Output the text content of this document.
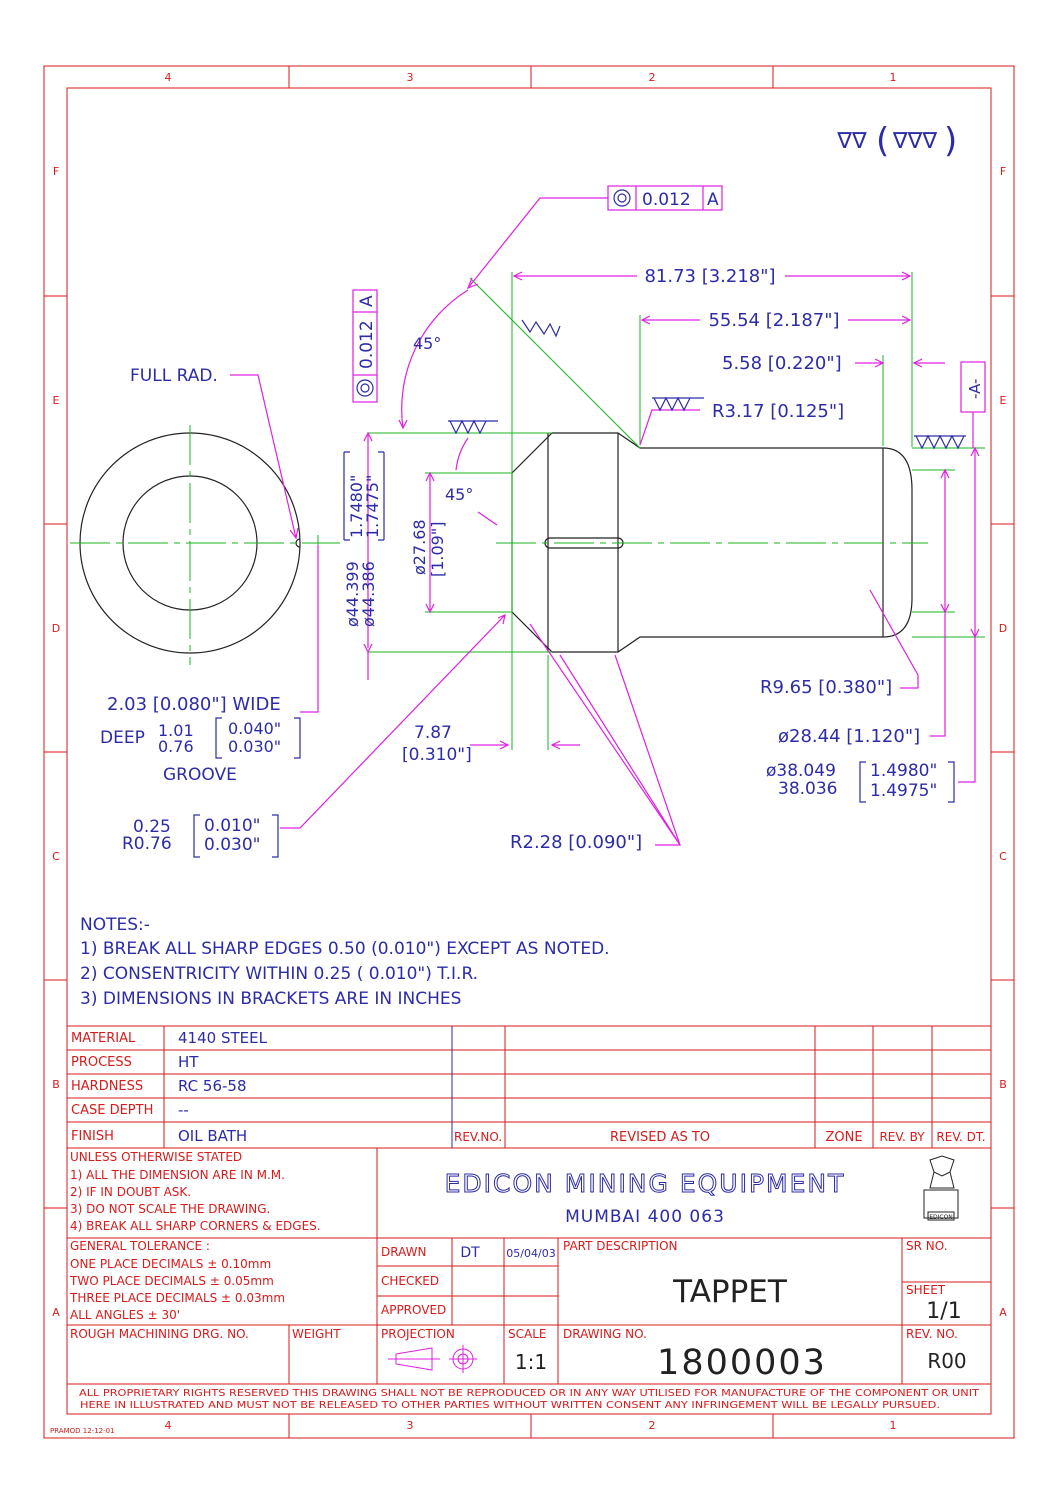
4	3	2	1
4	3	2	1
F
E
D
C
B
A
F
E
D
C
B
A
∇∇ ( ∇∇∇ )
0.012 A
0.012
A
-A-
81.73 [3.218"]
55.54 [2.187"]
5.58 [0.220"]
R3.17 [0.125"]
45°
45°
FULL RAD.
ø44.399
ø44.386
1.7480"
1.7475"
ø27.68 [1.09"]
R9.65 [0.380"]
ø28.44 [1.120"]
ø38.049
38.036
1.4980"
1.4975"
2.03 [0.080"] WIDE
DEEP 1.01
0.76
0.040"
0.030"
GROOVE
7.87
[0.310"]
0.25
R0.76
0.010"
0.030"	R2.28 [0.090"]
NOTES:-
1) BREAK ALL SHARP EDGES 0.50 (0.010") EXCEPT AS NOTED.
2) CONSENTRICITY WITHIN 0.25 ( 0.010") T.I.R.
3) DIMENSIONS IN BRACKETS ARE IN INCHES
MATERIAL	4140 STEEL
PROCESS	HT
HARDNESS RC 56-58
CASE DEPTH --
FINISH	OIL BATH	REV.NO.	REVISED AS TO	ZONE REV. BY REV. DT.
UNLESS OTHERWISE STATED
1) ALL THE DIMENSION ARE IN M.M.
2) IF IN DOUBT ASK.
3) DO NOT SCALE THE DRAWING.
4) BREAK ALL SHARP CORNERS & EDGES.
EDICON MINING EQUIPMENT
MUMBAI 400 063	EDICON
GENERAL TOLERANCE :
ONE PLACE DECIMALS ± 0.10mm
TWO PLACE DECIMALS ± 0.05mm
THREE PLACE DECIMALS ± 0.03mm
ALL ANGLES ± 30'
DRAWN DT 05/04/03
CHECKED
APPROVED
PART DESCRIPTION
TAPPET
SR NO.
SHEET
1/1
ROUGH MACHINING DRG. NO.	WEIGHT	PROJECTION	SCALE
1:1
DRAWING NO.
1800003
REV. NO.
R00
ALL PROPRIETARY RIGHTS RESERVED THIS DRAWING SHALL NOT BE REPRODUCED OR IN ANY WAY UTILISED FOR MANUFACTURE OF THE COMPONENT OR UNIT
HERE IN ILLUSTRATED AND MUST NOT BE RELEASED TO OTHER PARTIES WITHOUT WRITTEN CONSENT ANY INFRINGEMENT WILL BE LEGALLY PURSUED.
PRAMOD 12-12-01
